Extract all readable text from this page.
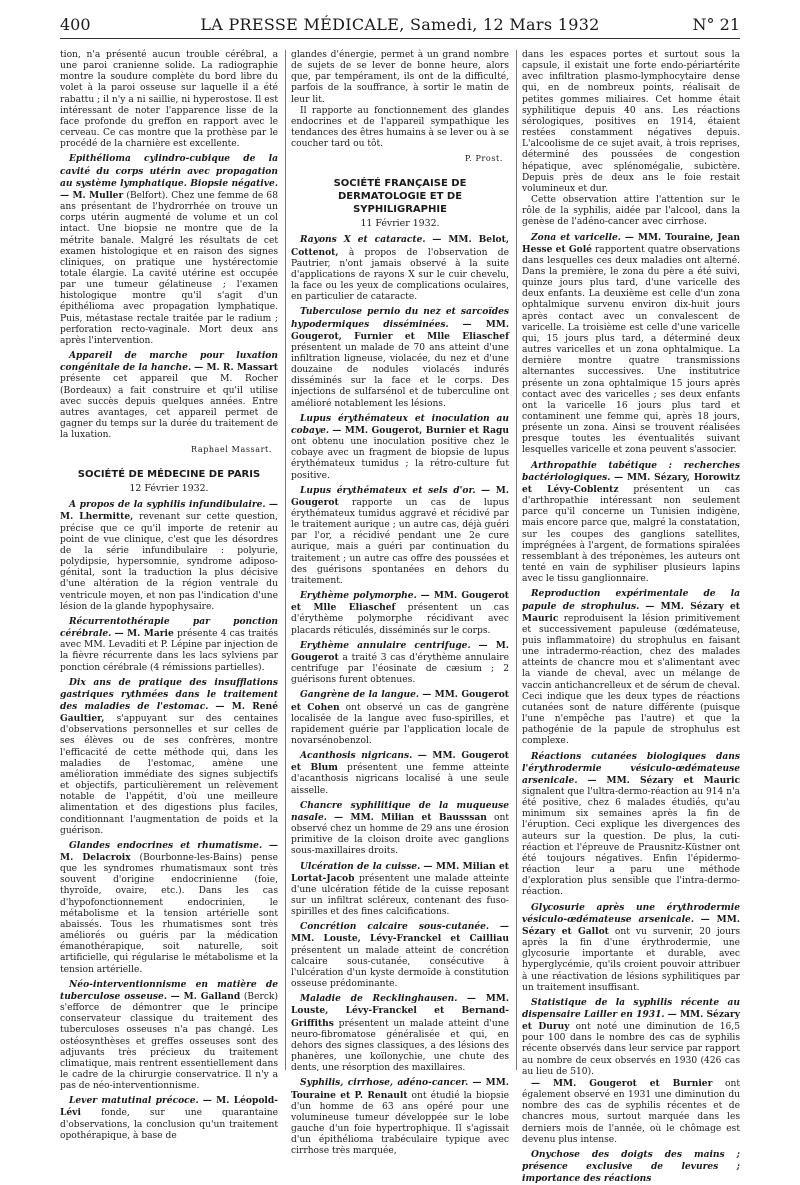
400	LA PRESSE MÉDICALE, Samedi, 12 Mars 1932	N° 21

tion, n'a présenté aucun trouble cérébral, a une paroi cranienne solide. La radiographie montre la soudure complète du bord libre du volet à la paroi osseuse sur laquelle il a été rabattu ; il n'y a ni saillie, ni hyperostose. Il est intéressant de noter l'apparence lisse de la face profonde du greffon en rapport avec le cerveau. Ce cas montre que la prothèse par le procédé de la charnière est excellente.

Epithélioma cylindro-cubique de la cavité du corps utérin avec propagation au système lymphatique. Biopsie négative. — M. Muller (Belfort). Chez une femme de 68 ans présentant de l'hydrorrhée on trouve un corps utérin augmenté de volume et un col intact. Une biopsie ne montre que de la métrite banale. Malgré les résultats de cet examen histologique et en raison des signes cliniques, on pratique une hystérectomie totale élargie. La cavité utérine est occupée par une tumeur gélatineuse ; l'examen histologique montre qu'il s'agit d'un épithélioma avec propagation lymphatique. Puis, métastase rectale traitée par le radium ; perforation recto-vaginale. Mort deux ans après l'intervention.

Appareil de marche pour luxation congénitale de la hanche. — M. R. Massart présente cet appareil que M. Rocher (Bordeaux) a fait construire et qu'il utilise avec succès depuis quelques années. Entre autres avantages, cet appareil permet de gagner du temps sur la durée du traitement de la luxation.

Raphael Massart.

SOCIÉTÉ DE MÉDECINE DE PARIS
12 Février 1932.

A propos de la syphilis infundibulaire. — M. Lhermitte, revenant sur cette question, précise que ce qu'il importe de retenir au point de vue clinique, c'est que les désordres de la série infundibulaire : polyurie, polydipsie, hypersomnie, syndrome adiposo-génital, sont la traduction la plus décisive d'une altération de la région ventrale du ventricule moyen, et non pas l'indication d'une lésion de la glande hypophysaire.

Récurrentothérapie par ponction cérébrale. — M. Marie présente 4 cas traités avec MM. Levaditi et P. Lépine par injection de la fièvre récurrente dans les lacs sylviens par ponction cérébrale (4 rémissions partielles).

Dix ans de pratique des insufflations gastriques rythmées dans le traitement des maladies de l'estomac. — M. René Gaultier, s'appuyant sur des centaines d'observations personnelles et sur celles de ses élèves ou de ses confrères, montre l'efficacité de cette méthode qui, dans les maladies de l'estomac, amène une amélioration immédiate des signes subjectifs et objectifs, particulièrement un relèvement notable de l'appétit, d'où une meilleure alimentation et des digestions plus faciles, conditionnant l'augmentation de poids et la guérison.

Glandes endocrines et rhumatisme. — M. Delacroix (Bourbonne-les-Bains) pense que les syndromes rhumatismaux sont très souvent d'origine endocrinienne (foie, thyroïde, ovaire, etc.). Dans les cas d'hypofonctionnement endocrinien, le métabolisme et la tension artérielle sont abaissés. Tous les rhumatismes sont très améliorés ou guéris par la médication émanothérapique, soit naturelle, soit artificielle, qui régularise le métabolisme et la tension artérielle.

Néo-interventionnisme en matière de tuberculose osseuse. — M. Galland (Berck) s'efforce de démontrer que le principe conservateur classique du traitement des tuberculoses osseuses n'a pas changé. Les ostéosynthèses et greffes osseuses sont des adjuvants très précieux du traitement climatique, mais rentrent essentiellement dans le cadre de la chirurgie conservatrice. Il n'y a pas de néo-interventionnisme.

Lever matutinal précoce. — M. Léopold-Lévi fonde, sur une quarantaine d'observations, la conclusion qu'un traitement opothérapique, à base de

glandes d'énergie, permet à un grand nombre de sujets de se lever de bonne heure, alors que, par tempérament, ils ont de la difficulté, parfois de la souffrance, à sortir le matin de leur lit.

Il rapporte au fonctionnement des glandes endocrines et de l'appareil sympathique les tendances des êtres humains à se lever ou à se coucher tard ou tôt.

P. Prost.

SOCIÉTÉ FRANÇAISE DE DERMATOLOGIE ET DE SYPHILIGRAPHIE
11 Février 1932.

Rayons X et cataracte. — MM. Belot, Cottenot, à propos de l'observation de Pautrier, n'ont jamais observé à la suite d'applications de rayons X sur le cuir chevelu, la face ou les yeux de complications oculaires, en particulier de cataracte.

Tuberculose pernio du nez et sarcoïdes hypodermiques disséminées. — MM. Gougerot, Furnier et Mlle Eliaschef présentent un malade de 70 ans atteint d'une infiltration ligneuse, violacée, du nez et d'une douzaine de nodules violacés indurés disséminés sur la face et le corps. Des injections de sulfarsénol et de tuberculine ont amélioré notablement les lésions.

Lupus érythémateux et inoculation au cobaye. — MM. Gougerot, Burnier et Ragu ont obtenu une inoculation positive chez le cobaye avec un fragment de biopsie de lupus érythémateux tumidus ; la rétro-culture fut positive.

Lupus érythémateux et sels d'or. — M. Gougerot rapporte un cas de lupus érythémateux tumidus aggravé et récidivé par le traitement aurique ; un autre cas, déjà guéri par l'or, a récidivé pendant une 2e cure aurique, mais a guéri par continuation du traitement ; un autre cas offre des poussées et des guérisons spontanées en dehors du traitement.

Erythème polymorphe. — MM. Gougerot et Mlle Eliaschef présentent un cas d'érythème polymorphe récidivant avec placards réticulés, disséminés sur le corps.

Erythème annulaire centrifuge. — M. Gougerot a traité 3 cas d'érythème annulaire centrifuge par l'éosinate de cæsium ; 2 guérisons furent obtenues.

Gangrène de la langue. — MM. Gougerot et Cohen ont observé un cas de gangrène localisée de la langue avec fuso-spirilles, et rapidement guérie par l'application locale de novarsénobenzol.

Acanthosis nigricans. — MM. Gougerot et Blum présentent une femme atteinte d'acanthosis nigricans localisé à une seule aisselle.

Chancre syphilitique de la muqueuse nasale. — MM. Milian et Bausssan ont observé chez un homme de 29 ans une érosion primitive de la cloison droite avec ganglions sous-maxillaires droits.

Ulcération de la cuisse. — MM. Milian et Lortat-Jacob présentent une malade atteinte d'une ulcération fétide de la cuisse reposant sur un infiltrat scléreux, contenant des fuso-spirilles et des fines calcifications.

Concrétion calcaire sous-cutanée. — MM. Louste, Lévy-Franckel et Cailliau présentent un malade atteint de concrétion calcaire sous-cutanée, consécutive à l'ulcération d'un kyste dermoïde à constitution osseuse prédominante.

Maladie de Recklinghausen. — MM. Louste, Lévy-Franckel et Bernand-Griffiths présentent un malade atteint d'une neuro-fibromatose généralisée et qui, en dehors des signes classiques, a des lésions des phanères, une koïlonychie, une chute des dents, une résorption des maxillaires.

Syphilis, cirrhose, adéno-cancer. — MM. Touraine et P. Renault ont étudié la biopsie d'un homme de 63 ans opéré pour une volumineuse tumeur développée sur le lobe gauche d'un foie hypertrophique. Il s'agissait d'un épithélioma trabéculaire typique avec cirrhose très marquée,

dans les espaces portes et surtout sous la capsule, il existait une forte endo-périartérite avec infiltration plasmo-lymphocytaire dense qui, en de nombreux points, réalisait de petites gommes miliaires. Cet homme était syphilitique depuis 40 ans. Les réactions sérologiques, positives en 1914, étaient restées constamment négatives depuis. L'alcoolisme de ce sujet avait, à trois reprises, déterminé des poussées de congestion hépatique, avec splénomégalie, subictère. Depuis près de deux ans le foie restait volumineux et dur.

Cette observation attire l'attention sur le rôle de la syphilis, aidée par l'alcool, dans la genèse de l'adéno-cancer avec cirrhose.

Zona et varicelle. — MM. Touraine, Jean Hesse et Golé rapportent quatre observations dans lesquelles ces deux maladies ont alterné. Dans la première, le zona du père a été suivi, quinze jours plus tard, d'une varicelle des deux enfants. La deuxième est celle d'un zona ophtalmique survenu environ dix-huit jours après contact avec un convalescent de varicelle. La troisième est celle d'une varicelle qui, 15 jours plus tard, a déterminé deux autres varicelles et un zona ophtalmique. La dernière montre quatre transmissions alternantes successives. Une institutrice présente un zona ophtalmique 15 jours après contact avec des varicelles ; ses deux enfants ont la varicelle 16 jours plus tard et contaminent une femme qui, après 18 jours, présente un zona. Ainsi se trouvent réalisées presque toutes les éventualités suivant lesquelles varicelle et zona peuvent s'associer.

Arthropathie tabétique : recherches bactériologiques. — MM. Sézary, Horowitz et Lévy-Coblentz présentent un cas d'arthropathie intéressant non seulement parce qu'il concerne un Tunisien indigène, mais encore parce que, malgré la constatation, sur les coupes des ganglions satellites, imprégnées à l'argent, de formations spiralées ressemblant à des tréponèmes, les auteurs ont tenté en vain de syphiliser plusieurs lapins avec le tissu ganglionnaire.

Reproduction expérimentale de la papule de strophulus. — MM. Sézary et Mauric reproduisent la lésion primitivement et successivement papuleuse (œdémateuse, puis inflammatoire) du strophulus en faisant une intradermo-réaction, chez des malades atteints de chancre mou et s'alimentant avec la viande de cheval, avec un mélange de vaccin antichancrelleux et de sérum de cheval. Ceci indique que les deux types de réactions cutanées sont de nature différente (puisque l'une n'empêche pas l'autre) et que la pathogénie de la papule de strophulus est complexe.

Réactions cutanées biologiques dans l'érythrodermie vésiculo-œdémateuse arsenicale. — MM. Sézary et Mauric signalent que l'ultra-dermo-réaction au 914 n'a été positive, chez 6 malades étudiés, qu'au minimum six semaines après la fin de l'éruption. Ceci explique les divergences des auteurs sur la question. De plus, la cuti-réaction et l'épreuve de Prausnitz-Küstner ont été toujours négatives. Enfin l'épidermo-réaction leur a paru une méthode d'exploration plus sensible que l'intra-dermo-réaction.

Glycosurie après une érythrodermie vésiculo-œdémateuse arsenicale. — MM. Sézary et Gallot ont vu survenir, 20 jours après la fin d'une érythrodermie, une glycosurie importante et durable, avec hyperglycémie, qu'ils croient pouvoir attribuer à une réactivation de lésions syphilitiques par un traitement insuffisant.

Statistique de la syphilis récente au dispensaire Lailler en 1931. — MM. Sézary et Duruy ont noté une diminution de 16,5 pour 100 dans le nombre des cas de syphilis récente observés dans leur service par rapport au nombre de ceux observés en 1930 (426 cas au lieu de 510).

— MM. Gougerot et Burnier ont également observé en 1931 une diminution du nombre des cas de syphilis récentes et de chancres mous, surtout marquée dans les derniers mois de l'année, où le chômage est devenu plus intense.

Onychose des doigts des mains ; présence exclusive de levures ; importance des réactions
